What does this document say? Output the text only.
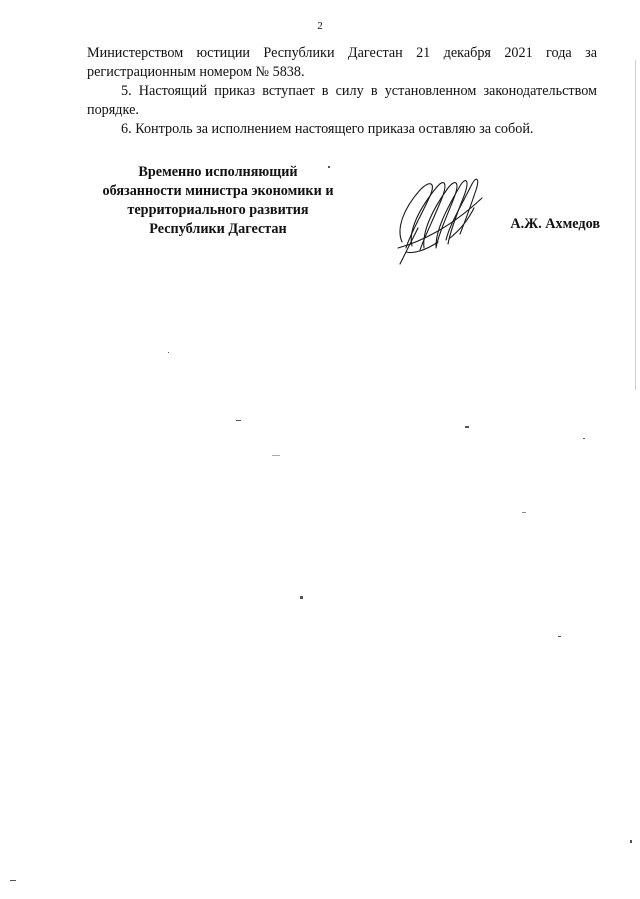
2

Министерством юстиции Республики Дагестан 21 декабря 2021 года за

регистрационным номером № 5838.

5. Настоящий приказ вступает в силу в установленном законодательством

порядке.

6. Контроль за исполнением настоящего приказа оставляю за собой.

Временно исполняющий
обязанности министра экономики и
территориального развития
Республики Дагестан	А.Ж. Ахмедов
